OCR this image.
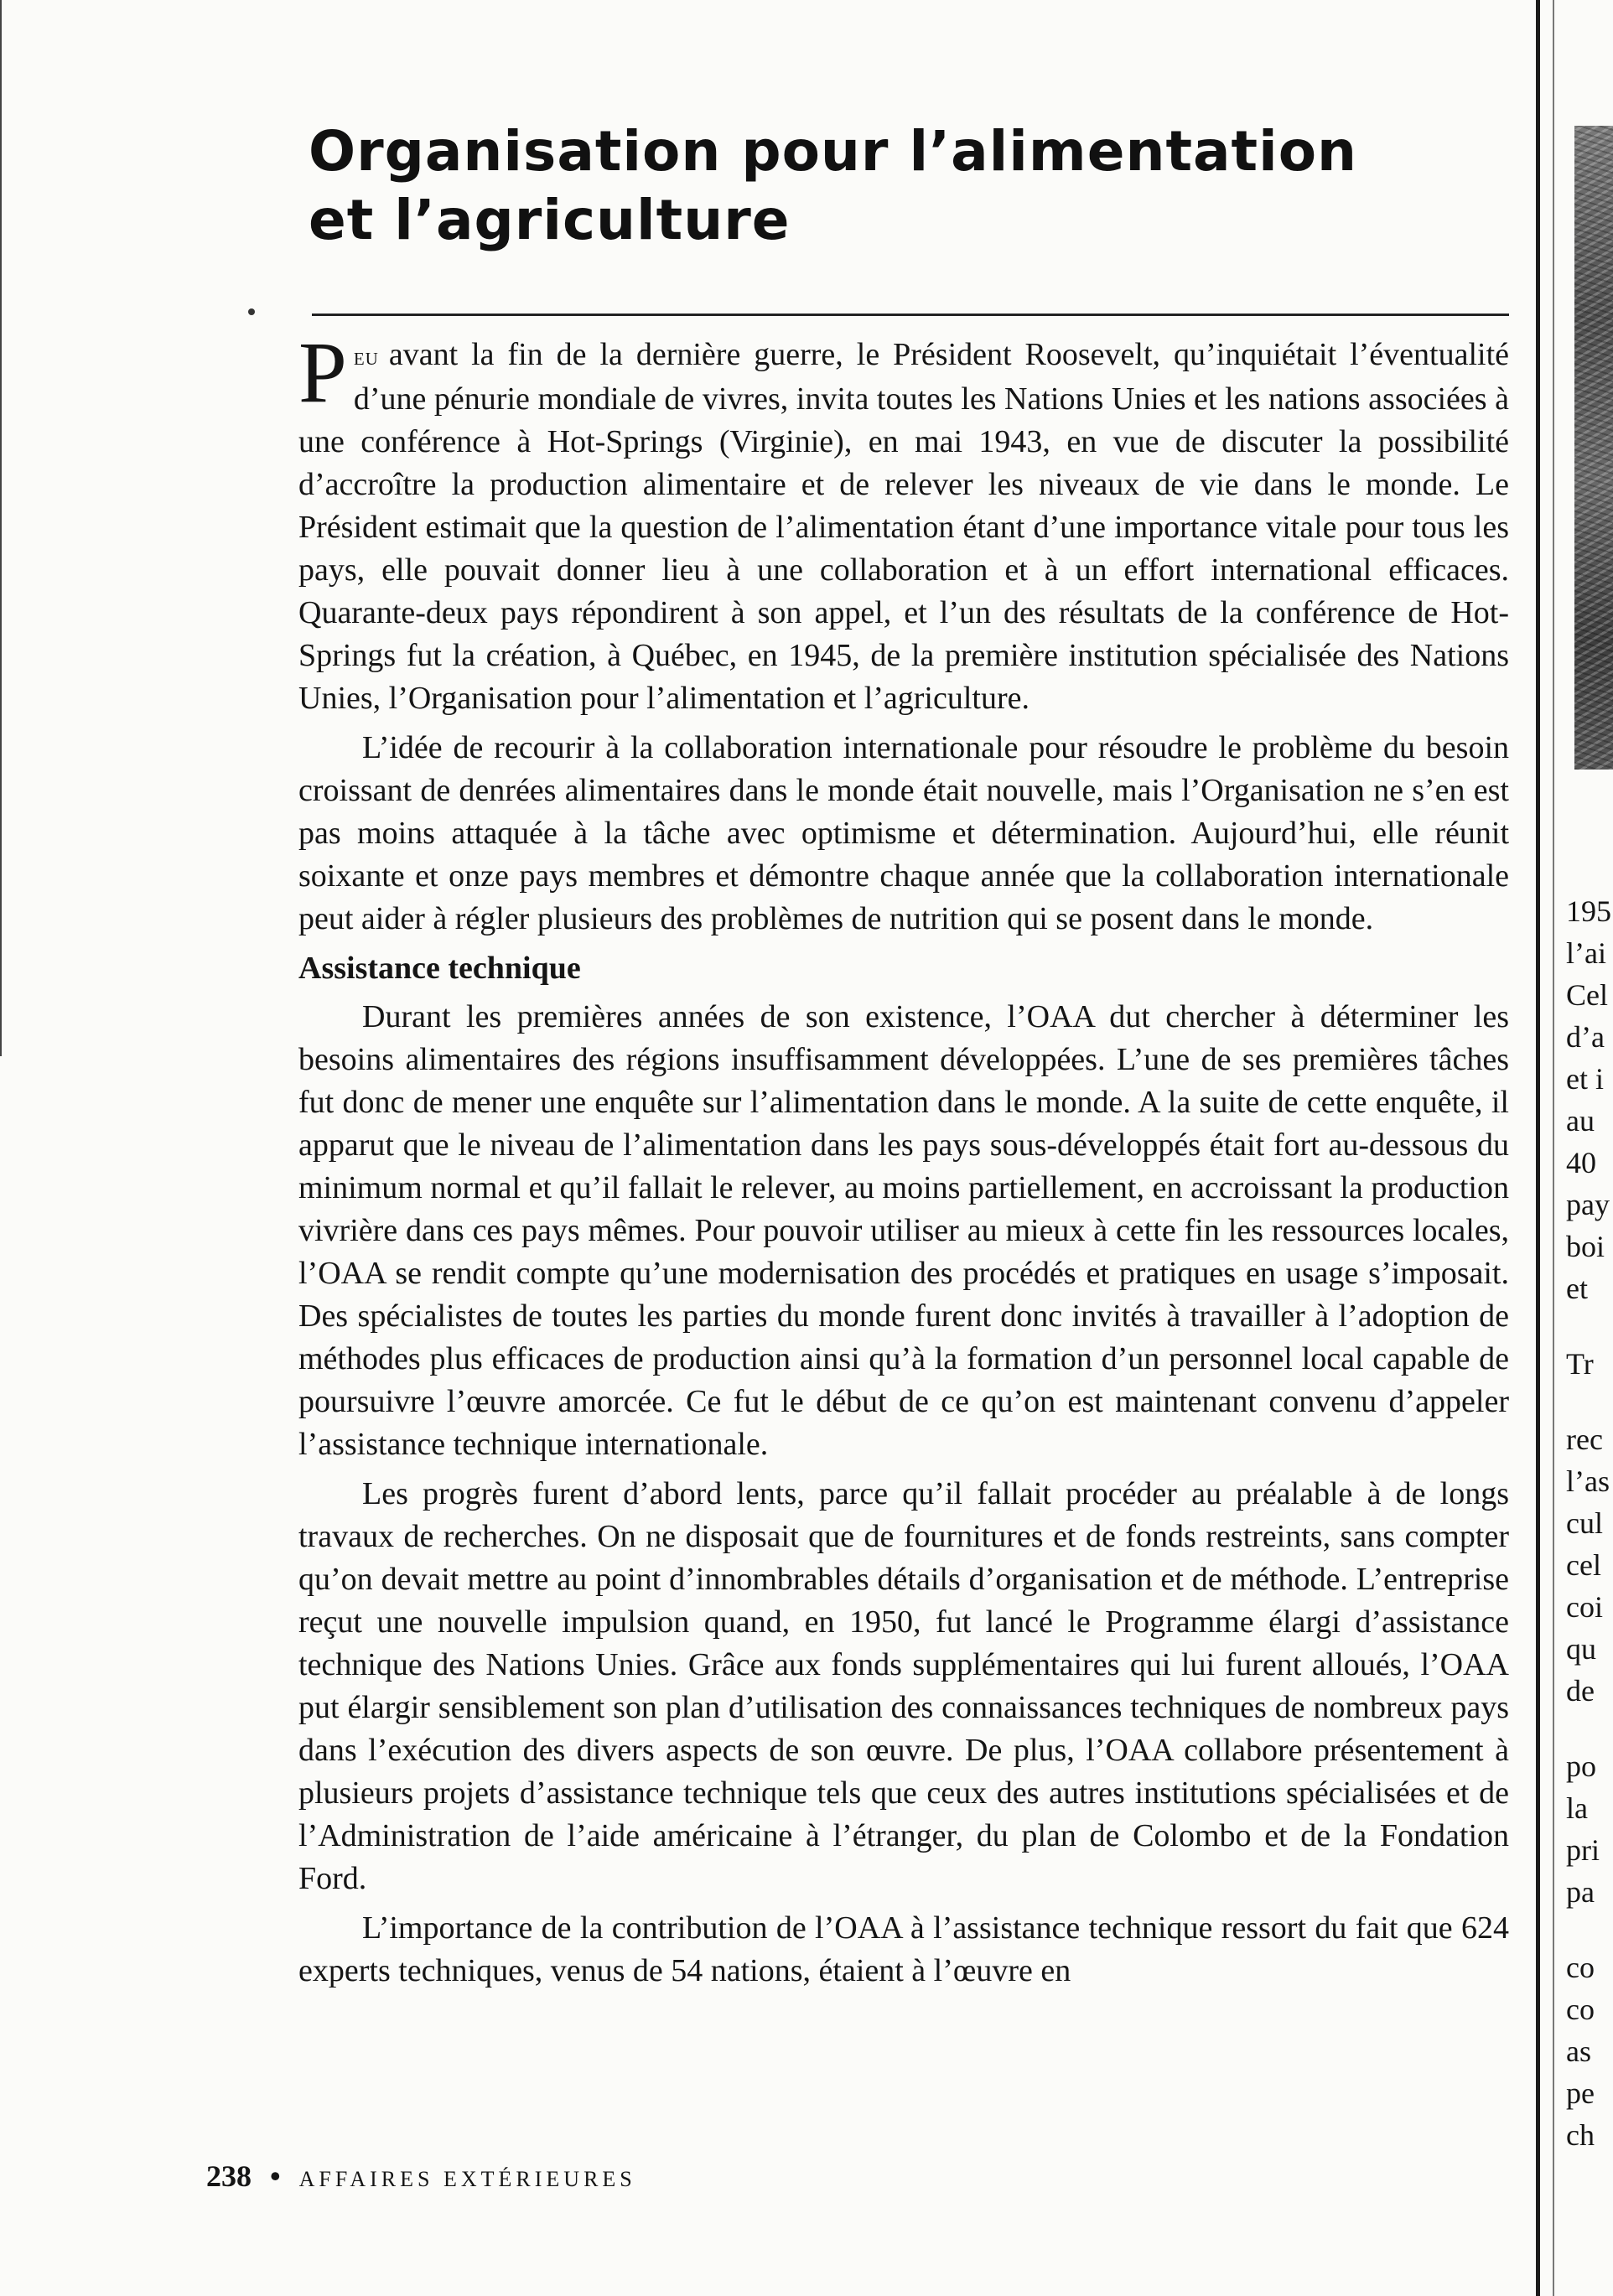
Organisation pour l’alimentation
et l’agriculture

Peu avant la fin de la dernière guerre, le Président Roosevelt, qu’inquiétait l’éventualité d’une pénurie mondiale de vivres, invita toutes les Nations Unies et les nations associées à une conférence à Hot-Springs (Virginie), en mai 1943, en vue de discuter la possibilité d’accroître la production alimentaire et de relever les niveaux de vie dans le monde. Le Président estimait que la question de l’alimentation étant d’une importance vitale pour tous les pays, elle pouvait donner lieu à une collaboration et à un effort international efficaces. Quarante-deux pays répondirent à son appel, et l’un des résultats de la conférence de Hot-Springs fut la création, à Québec, en 1945, de la première institution spécialisée des Nations Unies, l’Organisation pour l’alimentation et l’agriculture.

L’idée de recourir à la collaboration internationale pour résoudre le problème du besoin croissant de denrées alimentaires dans le monde était nouvelle, mais l’Organisation ne s’en est pas moins attaquée à la tâche avec optimisme et détermination. Aujourd’hui, elle réunit soixante et onze pays membres et démontre chaque année que la collaboration internationale peut aider à régler plusieurs des problèmes de nutrition qui se posent dans le monde.

Assistance technique

Durant les premières années de son existence, l’OAA dut chercher à déterminer les besoins alimentaires des régions insuffisamment développées. L’une de ses premières tâches fut donc de mener une enquête sur l’alimentation dans le monde. A la suite de cette enquête, il apparut que le niveau de l’alimentation dans les pays sous-développés était fort au-dessous du minimum normal et qu’il fallait le relever, au moins partiellement, en accroissant la production vivrière dans ces pays mêmes. Pour pouvoir utiliser au mieux à cette fin les ressources locales, l’OAA se rendit compte qu’une modernisation des procédés et pratiques en usage s’imposait. Des spécialistes de toutes les parties du monde furent donc invités à travailler à l’adoption de méthodes plus efficaces de production ainsi qu’à la formation d’un personnel local capable de poursuivre l’œuvre amorcée. Ce fut le début de ce qu’on est maintenant convenu d’appeler l’assistance technique internationale.

Les progrès furent d’abord lents, parce qu’il fallait procéder au préalable à de longs travaux de recherches. On ne disposait que de fournitures et de fonds restreints, sans compter qu’on devait mettre au point d’innombrables détails d’organisation et de méthode. L’entreprise reçut une nouvelle impulsion quand, en 1950, fut lancé le Programme élargi d’assistance technique des Nations Unies. Grâce aux fonds supplémentaires qui lui furent alloués, l’OAA put élargir sensiblement son plan d’utilisation des connaissances techniques de nombreux pays dans l’exécution des divers aspects de son œuvre. De plus, l’OAA collabore présentement à plusieurs projets d’assistance technique tels que ceux des autres institutions spécialisées et de l’Administration de l’aide américaine à l’étranger, du plan de Colombo et de la Fondation Ford.

L’importance de la contribution de l’OAA à l’assistance technique ressort du fait que 624 experts techniques, venus de 54 nations, étaient à l’œuvre en

238 • AFFAIRES EXTÉRIEURES
195
l’ai
Cel
d’a
et i
au
40
pay
boi
et
Tr
rec
l’as
cul
cel
coi
qu
de
po
la
pri
pa
co
co
as
pe
ch
